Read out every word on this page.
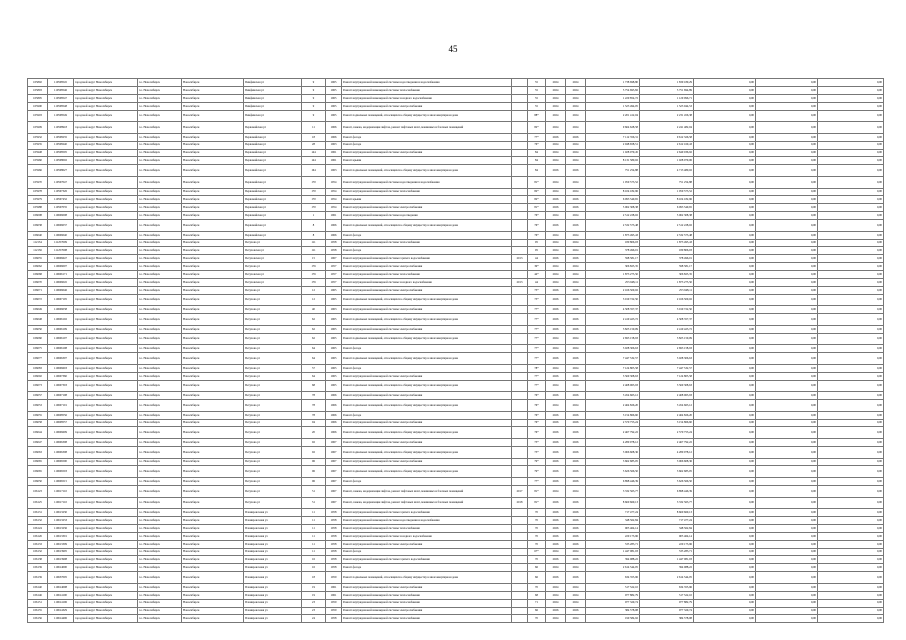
45
105892	110508545	городской округ Новосибирск	г.о. Новосибирск	Новосибирск	Пинфинская ул	9	1965	Ремонт внутридомовой инженерной системы водоотведения и водоснабжения		55	2024	2024	1 738 698,80	1 839 189,29	0,00	0,00	0,00
105893	110508546	городской округ Новосибирск	г.о. Новосибирск	Новосибирск	Пинфинская ул	9	1965	Ремонт внутридомовой инженерной системы теплоснабжения		55	2024	2024	5 754 695,82	5 751 694,89	0,00	0,00	0,00
105895	110508547	городской округ Новосибирск	г.о. Новосибирск	Новосибирск	Пинфинская ул	9	1965	Ремонт внутридомовой инженерной системы холодного водоснабжения		55	2024	2024	1 220 854,72	1 129 096,71	0,00	0,00	0,00
105900	110508548	городской округ Новосибирск	г.о. Новосибирск	Новосибирск	Пинфинская ул	9	1965	Ремонт внутридомовой инженерной системы электроснабжения		55	2024	2024	1 523 494,05	1 523 944,53	0,00	0,00	0,00
105903	110508549	городской округ Новосибирск	г.о. Новосибирск	Новосибирск	Пинфинская ул	9	1965	Ремонт подвальных помещений, относящихся к общему имуществу в многоквартирном доме		88*	2024	2024	2 201 412,04	2 231 456,38	0,00	0,00	0,00
105909	110508918	городской округ Новосибирск	г.о. Новосибирск	Новосибирск	Первомайская ул	11	1966	Ремонт, замена, модернизация лифтов, ремонт лифтовых шахт, машинных и блочных помещений		82*	2024	2024	9 664 628,58	2 241 482,04	0,00	0,00	0,00
105932	110508235	городской округ Новосибирск	г.о. Новосибирск	Новосибирск	Первомайская ул	18	1966	Ремонт фасада		77*	2026	2026	7 112 356,31	9 612 326,58	0,00	0,00	0,00
105935	110508240	городской округ Новосибирск	г.о. Новосибирск	Новосибирск	Первомайская ул	28	1963	Ремонт фасада		76*	2024	2024	2 948 658,51	2 612 169,43	0,00	0,00	0,00
105948	110508505	городской округ Новосибирск	г.о. Новосибирск	Новосибирск	Первомайская ул	144	1961	Ремонт внутридомовой инженерной системы электроснабжения		84	2024	2024	1 028 079,45	2 649 036,92	0,00	0,00	0,00
105960	110508002	городской округ Новосибирск	г.о. Новосибирск	Новосибирск	Первомайская ул	144	1961	Ремонт крыши		84	2024	2024	8 131 580,02	1 028 079,06	0,00	0,00	0,00
105966	110508027	городской округ Новосибирск	г.о. Новосибирск	Новосибирск	Первомайская ул	164	1963	Ремонт подвальных помещений, относящихся к общему имуществу в многоквартирном доме		84	2026	2026	751 254,88	4 713 480,02	0,00	0,00	0,00
105970	110507047	городской округ Новосибирск	г.о. Новосибирск	Новосибирск	Первомайская ул	170	1954	Ремонт внутридомовой инженерной системы водоотведения и водоснабжения		81*	2024	2024	1 059 573,52	751 254,88	0,00	0,00	0,00
105978	110507326	городской округ Новосибирск	г.о. Новосибирск	Новосибирск	Первомайская ул	170	1954	Ремонт внутридомовой инженерной системы теплоснабжения		82*	2024	2024	8 104 182,96	1 059 573,52	0,00	0,00	0,00
105979	110507432	городской округ Новосибирск	г.о. Новосибирск	Новосибирск	Первомайская ул	170	1954	Ремонт крыши		82*	2026	2026	6 093 549,65	8 104 182,96	0,00	0,00	0,00
105988	110507035	городской округ Новосибирск	г.о. Новосибирск	Новосибирск	Первомайская ул	170	1954	Ремонт внутридомовой инженерной системы электроснабжения		81*	2026	2026	5 062 308,38	6 093 549,65	0,00	0,00	0,00
106008	110606008	городской округ Новосибирск	г.о. Новосибирск	Новосибирск	Первомайская ул	1	1961	Ремонт внутридомовой инженерной системы водоотведения		76*	2024	2024	2 512 228,02	5 062 308,38	0,00	0,00	0,00
106038	110606037	городской округ Новосибирск	г.о. Новосибирск	Новосибирск	Первомайская ул	8	1966	Ремонт подвальных помещений, относящихся к общему имуществу в многоквартирном доме		76*	2026	2026	2 532 573,48	2 512 228,02	0,00	0,00	0,00
106040	110606040	городской округ Новосибирск	г.о. Новосибирск	Новосибирск	Первомайская ул	8	1966	Ремонт фасада		76*	2024	2024	1 873 495,43	2 532 573,48	0,00	0,00	0,00
112134	111257609	городской округ Новосибирск	г.о. Новосибирск	Новосибирск	Петухова ул	111	1958	Ремонт внутридомовой инженерной системы теплоснабжения		95	2024	2024	180 806,03	1 873 495,43	0,00	0,00	0,00
112136	111257608	городской округ Новосибирск	г.о. Новосибирск	Новосибирск	Петуховская ул	111	1958	Ремонт фасада		95	2024	2024	378 496,01	180 806,03	0,00	0,00	0,00
106055	110606647	городской округ Новосибирск	г.о. Новосибирск	Новосибирск	Петуховская ул	15	1967	Ремонт внутридомовой инженерной системы горячего водоснабжения	2013	44	2026	2026	598 581,17	378 496,01	0,00	0,00	0,00
106062	110606007	городской округ Новосибирск	г.о. Новосибирск	Новосибирск	Петухова ул	176	1957	Ремонт внутридомовой инженерной системы электроснабжения		39*	2024	2024	306 825,35	598 581,17	0,00	0,00	0,00
106068	110606171	городской округ Новосибирск	г.о. Новосибирск	Новосибирск	Петуховская ул	176	1957	Ремонт внутридомовой инженерной системы теплоснабжения		44*	2024	2024	1 873 275,50	306 825,35	0,00	0,00	0,00
106070	110606045	городской округ Новосибирск	г.о. Новосибирск	Новосибирск	Петуховская ул	176	1957	Ремонт внутридомовой инженерной системы холодного водоснабжения	2013	44	2024	2024	253 948,11	1 873 275,50	0,00	0,00	0,00
106071	110606046	городской округ Новосибирск	г.о. Новосибирск	Новосибирск	Петухова ул	12	1965	Ремонт внутридомовой инженерной системы электроснабжения		75*	2026	2026	2 166 509,02	253 948,11	0,00	0,00	0,00
106072	110607105	городской округ Новосибирск	г.о. Новосибирск	Новосибирск	Петухова ул	12	1965	Ремонт подвальных помещений, относящихся к общему имуществу в многоквартирном доме		75*	2026	2026	3 019 722,50	2 166 509,02	0,00	0,00	0,00
106049	110606038	городской округ Новосибирск	г.о. Новосибирск	Новосибирск	Петухова ул	40	1963	Ремонт внутридомовой инженерной системы электроснабжения		77*	2026	2026	4 508 357,37	3 019 722,50	0,00	0,00	0,00
106048	110606102	городской округ Новосибирск	г.о. Новосибирск	Новосибирск	Петухова ул	62	1965	Ремонт подвальных помещений, относящихся к общему имуществу в многоквартирном доме		77*	2026	2026	2 419 423,72	4 508 357,37	0,00	0,00	0,00
106050	110606109	городской округ Новосибирск	г.о. Новосибирск	Новосибирск	Петухова ул	62	1965	Ремонт внутридомовой инженерной системы электроснабжения		77*	2026	2026	3 825 150,09	2 419 423,72	0,00	0,00	0,00
106060	110606107	городской округ Новосибирск	г.о. Новосибирск	Новосибирск	Петухова ул	62	1965	Ремонт подвальных помещений, относящихся к общему имуществу в многоквартирном доме		77*	2024	2024	2 693 158,93	3 825 150,09	0,00	0,00	0,00
106075	110606108	городской округ Новосибирск	г.о. Новосибирск	Новосибирск	Петухова ул	64	1965	Ремонт фасада		77*	2024	2024	3 028 306,63	2 693 158,93	0,00	0,00	0,00
106077	110606307	городской округ Новосибирск	г.о. Новосибирск	Новосибирск	Петухова ул	64	1965	Ремонт подвальных помещений, относящихся к общему имуществу в многоквартирном доме		77*	2026	2026	7 447 532,57	3 028 306,63	0,00	0,00	0,00
106083	110606603	городской округ Новосибирск	г.о. Новосибирск	Новосибирск	Петухова ул	57	1965	Ремонт фасада		78*	2024	2024	7 124 805,58	7 447 532,57	0,00	0,00	0,00
106092	110607360	городской округ Новосибирск	г.о. Новосибирск	Новосибирск	Петухова ул	64	1965	Ремонт внутридомовой инженерной системы электроснабжения		77*	2026	2026	3 569 308,63	7 124 805,58	0,00	0,00	0,00
106073	110607303	городской округ Новосибирск	г.о. Новосибирск	Новосибирск	Петухова ул	68	1965	Ремонт подвальных помещений, относящихся к общему имуществу в многоквартирном доме		77*	2024	2024	2 468 963,93	3 569 308,63	0,00	0,00	0,00
106057	110607108	городской округ Новосибирск	г.о. Новосибирск	Новосибирск	Петухова ул	78	1966	Ремонт внутридомовой инженерной системы электроснабжения		76*	2026	2026	3 454 663,12	2 468 963,93	0,00	0,00	0,00
106053	110607101	городской округ Новосибирск	г.о. Новосибирск	Новосибирск	Петухова ул	78	1966	Ремонт подвальных помещений, относящихся к общему имуществу в многоквартирном доме		76*	2024	2024	2 464 826,20	3 454 663,12	0,00	0,00	0,00
106055	110608556	городской округ Новосибирск	г.о. Новосибирск	Новосибирск	Петухова ул	78	1966	Ремонт фасада		76*	2026	2026	3 154 866,60	2 464 826,20	0,00	0,00	0,00
106058	110608557	городской округ Новосибирск	г.о. Новосибирск	Новосибирск	Петухова ул	94	1966	Ремонт внутридомовой инженерной системы электроснабжения		76*	2026	2026	2 570 753,24	3 154 866,60	0,00	0,00	0,00
106044	110606609	городской округ Новосибирск	г.о. Новосибирск	Новосибирск	Петухова ул	20	1966	Ремонт подвальных помещений, относящихся к общему имуществу в многоквартирном доме		76*	2026	2026	2 467 792,22	2 570 753,24	0,00	0,00	0,00
106047	110606308	городской округ Новосибирск	г.о. Новосибирск	Новосибирск	Петухова ул	92	1967	Ремонт внутридомовой инженерной системы электроснабжения		75*	2026	2026	4 280 978,12	2 467 792,22	0,00	0,00	0,00
106063	110606308	городской округ Новосибирск	г.о. Новосибирск	Новосибирск	Петухова ул	92	1967	Ремонт подвальных помещений, относящихся к общему имуществу в многоквартирном доме		75*	2026	2026	3 066 608,36	4 280 978,12	0,00	0,00	0,00
106065	110606500	городской округ Новосибирск	г.о. Новосибирск	Новосибирск	Петухова ул	96	1967	Ремонт внутридомовой инженерной системы электроснабжения		79*	2026	2026	3 662 685,05	3 066 608,36	0,00	0,00	0,00
106065	110606503	городской округ Новосибирск	г.о. Новосибирск	Новосибирск	Петухова ул	96	1967	Ремонт подвальных помещений, относящихся к общему имуществу в многоквартирном доме		79*	2026	2026	5 626 566,50	3 662 685,05	0,00	0,00	0,00
106050	110606515	городской округ Новосибирск	г.о. Новосибирск	Новосибирск	Петухова ул	96	1967	Ремонт фасада		77*	2026	2026	6 898 446,39	5 626 566,50	0,00	0,00	0,00
106123	110617110	городской округ Новосибирск	г.о. Новосибирск	Новосибирск	Петухова ул	51	1967	Ремонт, замена, модернизация лифтов, ремонт лифтовых шахт, машинных и блочных помещений	2017	81*	2024	2024	3 332 563,77	6 898 446,39	0,00	0,00	0,00
106125	110617110	городской округ Новосибирск	г.о. Новосибирск	Новосибирск	Петухова ул	51	1967	Ремонт, замена, модернизация лифтов, ремонт лифтовых шахт, машинных и блочных помещений	2018	81*	2026	2026	8 660 669,13	3 332 563,77	0,00	0,00	0,00
106131	110613230	городской округ Новосибирск	г.о. Новосибирск	Новосибирск	Планировочная ул	11	1958	Ремонт внутридомовой инженерной системы горячего водоснабжения		70	2026	2026	717 477,24	8 660 669,13	0,00	0,00	0,00
106132	110613233	городской округ Новосибирск	г.о. Новосибирск	Новосибирск	Планировочная ул	11	1958	Ремонт внутридомовой инженерной системы водоотведения и водоснабжения		70	2026	2026	348 562,84	717 477,24	0,00	0,00	0,00
106124	110613236	городской округ Новосибирск	г.о. Новосибирск	Новосибирск	Планировочная ул	11	1958	Ремонт внутридомовой инженерной системы теплоснабжения		70	2026	2026	905 464,14	348 562,84	0,00	0,00	0,00
106126	110613301	городской округ Новосибирск	г.о. Новосибирск	Новосибирск	Планировочная ул	11	1958	Ремонт внутридомовой инженерной системы холодного водоснабжения		70	2026	2026	220 173,96	905 464,14	0,00	0,00	0,00
106133	110613309	городской округ Новосибирск	г.о. Новосибирск	Новосибирск	Планировочная ул	11	1958	Ремонт внутридомовой инженерной системы электроснабжения		70	2026	2026	535 283,71	220 173,96	0,00	0,00	0,00
106132	110613995	городской округ Новосибирск	г.о. Новосибирск	Новосибирск	Планировочная ул	11	1958	Ремонт фасада		67*	2024	2024	1 447 081,03	535 283,71	0,00	0,00	0,00
106138	110613998	городской округ Новосибирск	г.о. Новосибирск	Новосибирск	Планировочная ул	16	1958	Ремонт внутридомовой инженерной системы горячего водоснабжения		70	2026	2026	394 988,22	1 447 081,03	0,00	0,00	0,00
106139	110614000	городской округ Новосибирск	г.о. Новосибирск	Новосибирск	Планировочная ул	16	1958	Ремонт фасада		66	2024	2024	2 614 544,05	394 988,22	0,00	0,00	0,00
106139	110637005	городской округ Новосибирск	г.о. Новосибирск	Новосибирск	Планировочная ул	18	1959	Ремонт подвальных помещений, относящихся к общему имуществу в многоквартирном доме		66	2026	2026	634 355,96	2 614 544,05	0,00	0,00	0,00
106140	110614098	городской округ Новосибирск	г.о. Новосибирск	Новосибирск	Планировочная ул	19	1961	Ремонт внутридомовой инженерной системы электроснабжения		70	2024	2024	517 522,10	634 355,96	0,00	0,00	0,00
106146	110614100	городской округ Новосибирск	г.о. Новосибирск	Новосибирск	Планировочная ул	19	1961	Ремонт внутридомовой инженерной системы теплоснабжения		68	2024	2024	977 882,79	517 522,10	0,00	0,00	0,00
106151	110614106	городской округ Новосибирск	г.о. Новосибирск	Новосибирск	Планировочная ул	23	1959	Ремонт внутридомовой инженерной системы теплоснабжения		71	2024	2024	977 329,74	977 882,79	0,00	0,00	0,00
106155	110614329	городской округ Новосибирск	г.о. Новосибирск	Новосибирск	Планировочная ул	23	1959	Ремонт внутридомовой инженерной системы электроснабжения		66	2026	2026	384 578,08	977 329,74	0,00	0,00	0,00
106156	110614406	городской округ Новосибирск	г.о. Новосибирск	Новосибирск	Планировочная ул	24	1958	Ремонт внутридомовой инженерной системы теплоснабжения		70	2024	2024	190 584,92	384 578,08	0,00	0,00	0,00
